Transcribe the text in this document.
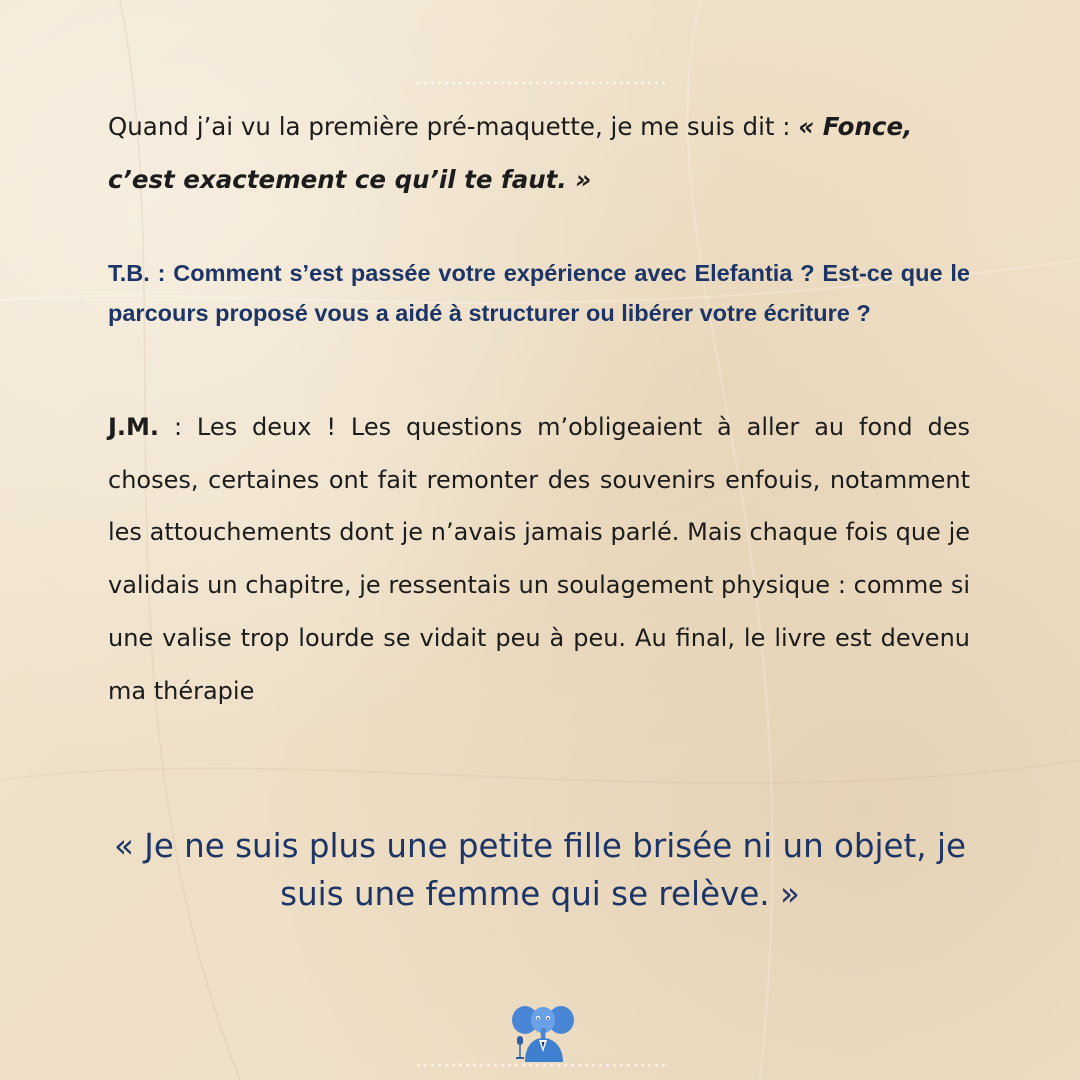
Quand j’ai vu la première pré-maquette, je me suis dit : « Fonce, c’est exactement ce qu’il te faut. »
T.B. : Comment s’est passée votre expérience avec Elefantia ? Est-ce que le parcours proposé vous a aidé à structurer ou libérer votre écriture ?
J.M. : Les deux ! Les questions m’obligeaient à aller au fond des choses, certaines ont fait remonter des souvenirs enfouis, notamment les attouchements dont je n’avais jamais parlé. Mais chaque fois que je validais un chapitre, je ressentais un soulagement physique : comme si une valise trop lourde se vidait peu à peu. Au final, le livre est devenu ma thérapie
« Je ne suis plus une petite fille brisée ni un objet, je suis une femme qui se relève. »
